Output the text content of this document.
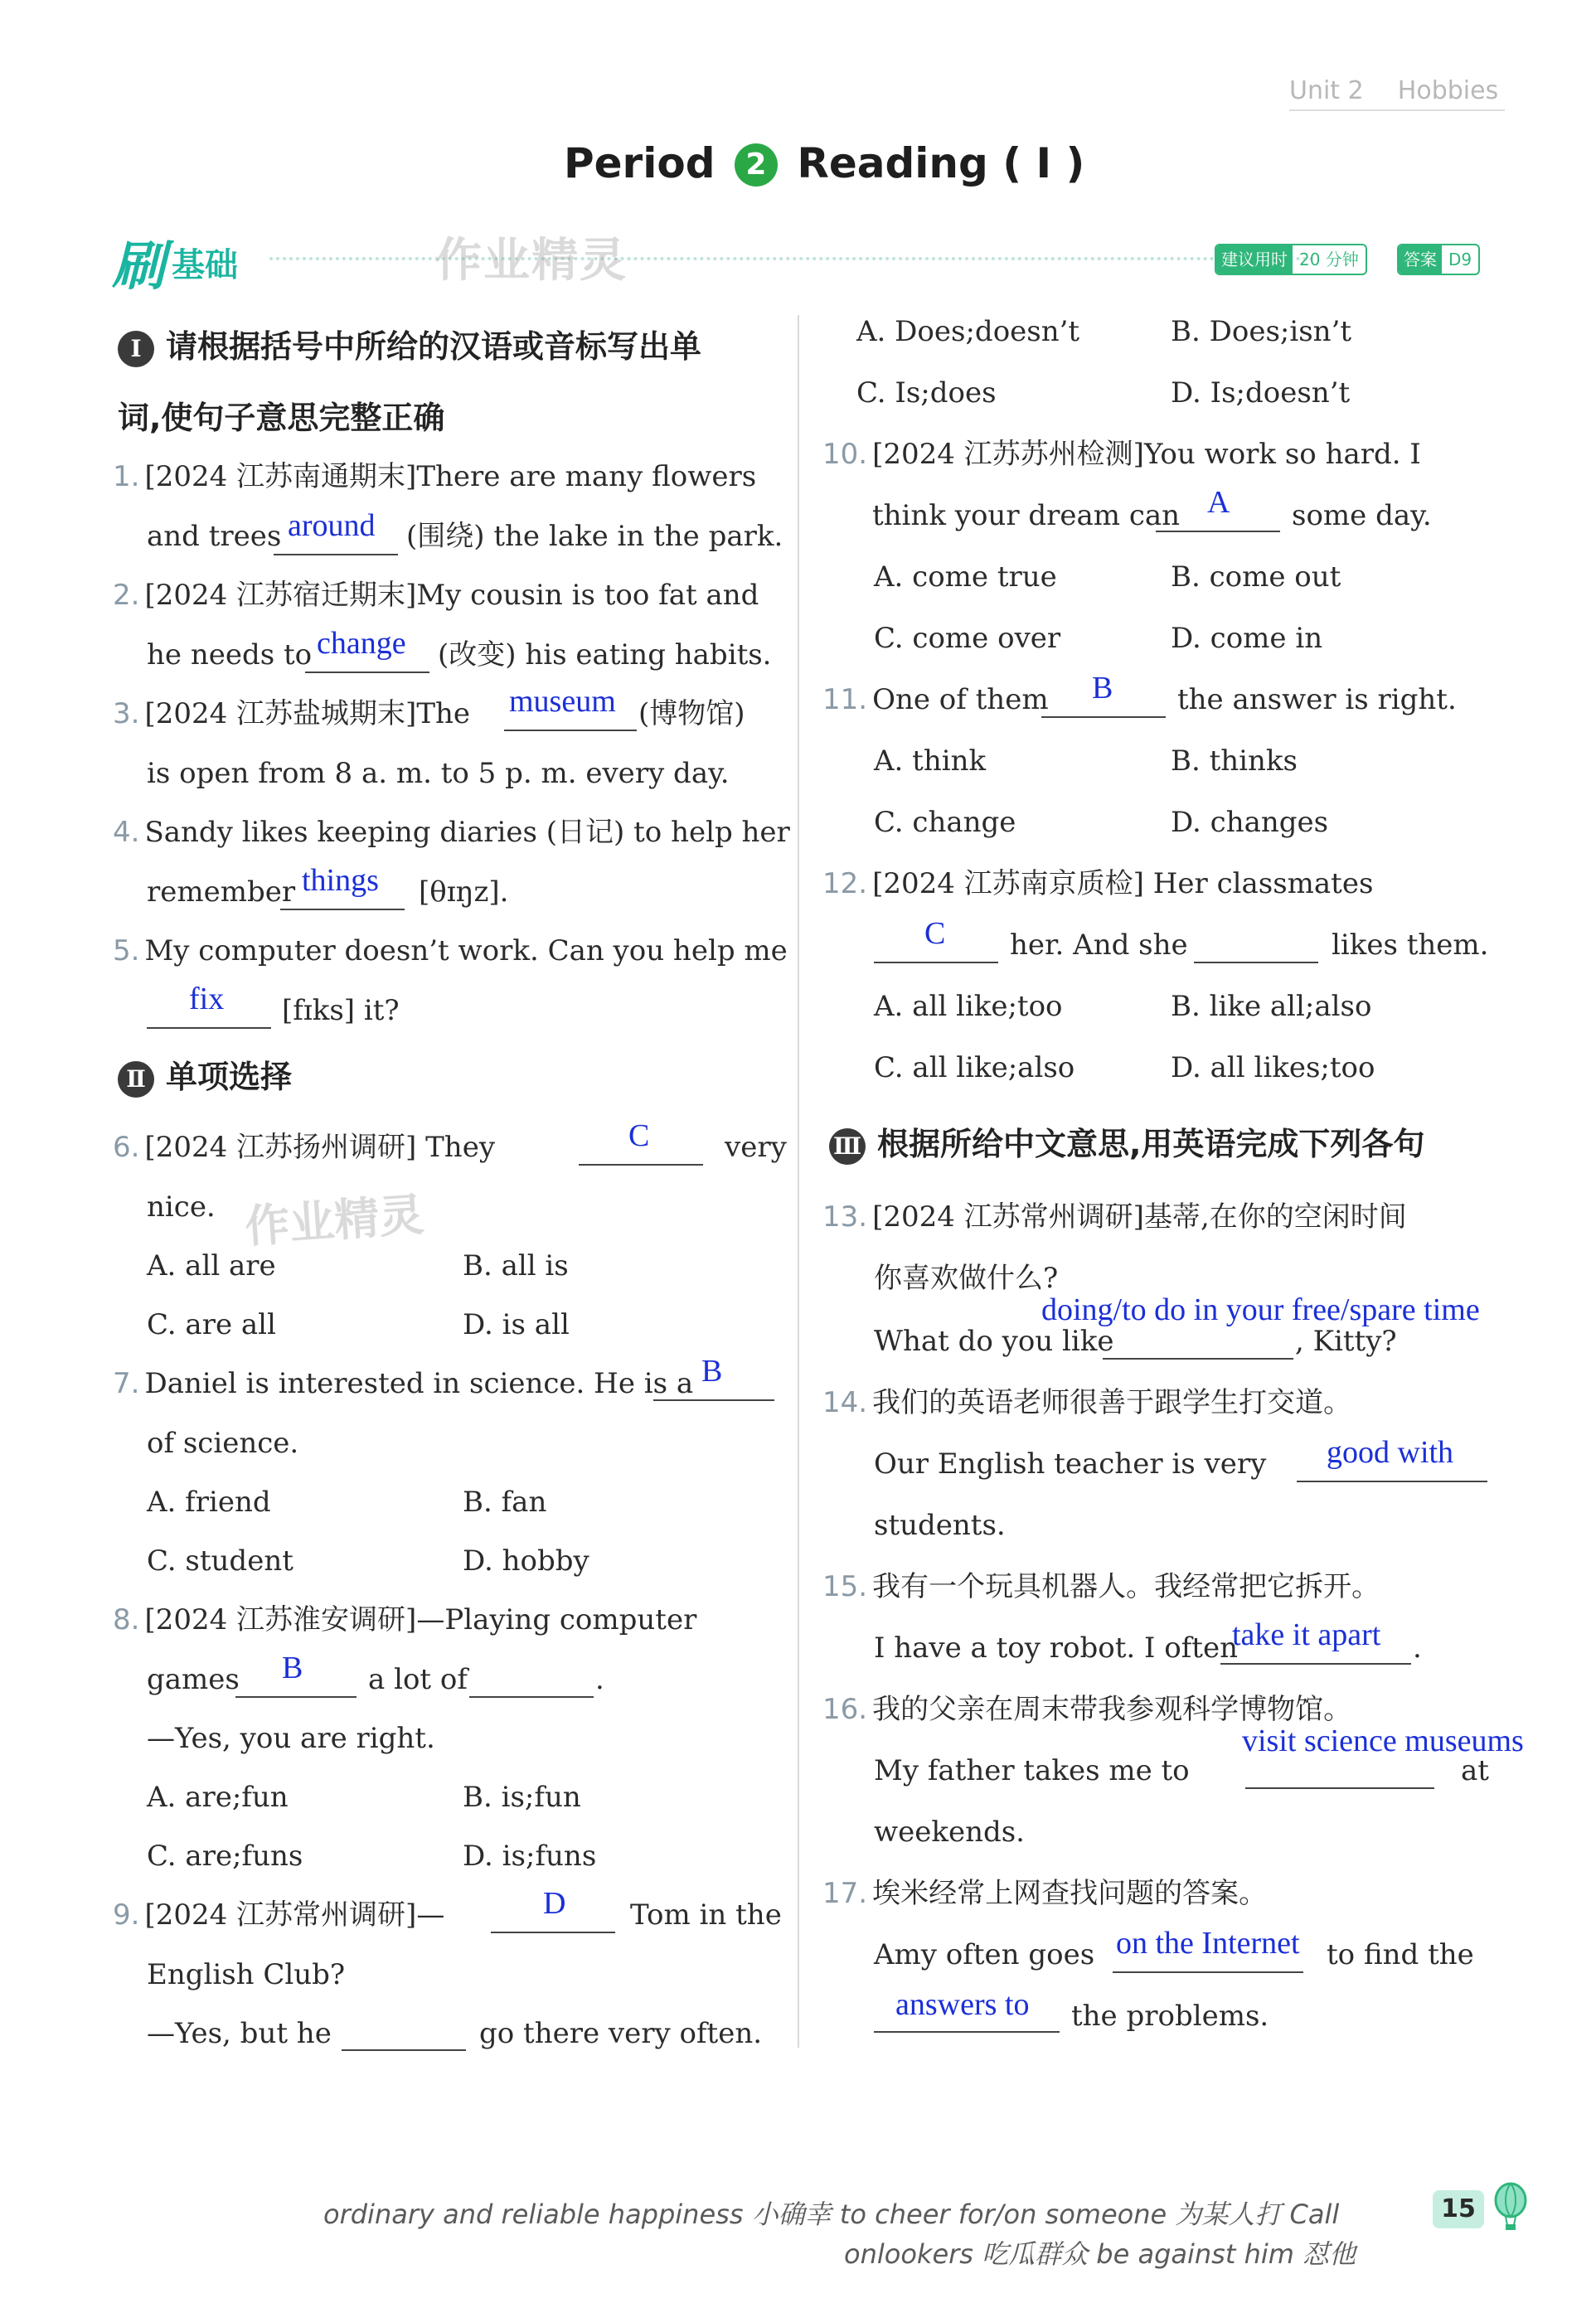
Unit 2 Hobbies
Period 2 Reading ( Ⅰ )
刷 基础	作业精灵	建议用时 20 分钟	答案 D9
Ⅰ 请根据括号中所给的汉语或音标写出单
词,使句子意思完整正确
1. [2024 江苏南通期末]There are many flowers
and trees around (围绕) the lake in the park.
2. [2024 江苏宿迁期末]My cousin is too fat and
he needs to change (改变) his eating habits.
3. [2024 江苏盐城期末]The museum (博物馆)
is open from 8 a. m. to 5 p. m. every day.
4. Sandy likes keeping diaries (日记) to help her
remember things [θɪŋz].
5. My computer doesn’t work. Can you help me
fix [fɪks] it?
Ⅱ 单项选择
6. [2024 江苏扬州调研] They	C	very
nice. 作业精灵
A. all are	B. all is
C. are all	D. is all
7. Daniel is interested in science. He is a B
of science.
A. friend	B. fan
C. student	D. hobby
8. [2024 江苏淮安调研]—Playing computer
games B a lot of	.
—Yes, you are right.
A. are;fun	B. is;fun
C. are;funs	D. is;funs
9. [2024 江苏常州调研]—	D Tom in the
English Club?
—Yes, but he	go there very often.
A. Does;doesn’t	B. Does;isn’t
C. Is;does	D. Is;doesn’t
10. [2024 江苏苏州检测]You work so hard. I
think your dream can A some day.
A. come true	B. come out
C. come over	D. come in
11. One of them B the answer is right.
A. think	B. thinks
C. change	D. changes
12. [2024 江苏南京质检] Her classmates
C her. And she	likes them.
A. all like;too	B. like all;also
C. all like;also	D. all likes;too
Ⅲ 根据所给中文意思,用英语完成下列各句
13. [2024 江苏常州调研]基蒂,在你的空闲时间
你喜欢做什么?
doing/to do in your free/spare time
What do you like	, Kitty?
14. 我们的英语老师很善于跟学生打交道。
Our English teacher is very good with
students.
15. 我有一个玩具机器人。我经常把它拆开。
I have a toy robot. I often
take it apart .
16. 我的父亲在周末带我参观科学博物馆。
visit science museums
My father takes me to	at
weekends.
17. 埃米经常上网查找问题的答案。
Amy often goes on the Internet to find the
answers to the problems.
ordinary and reliable happiness 小确幸 to cheer for/on someone 为某人打 Call
onlookers 吃瓜群众 be against him 怼他
15
